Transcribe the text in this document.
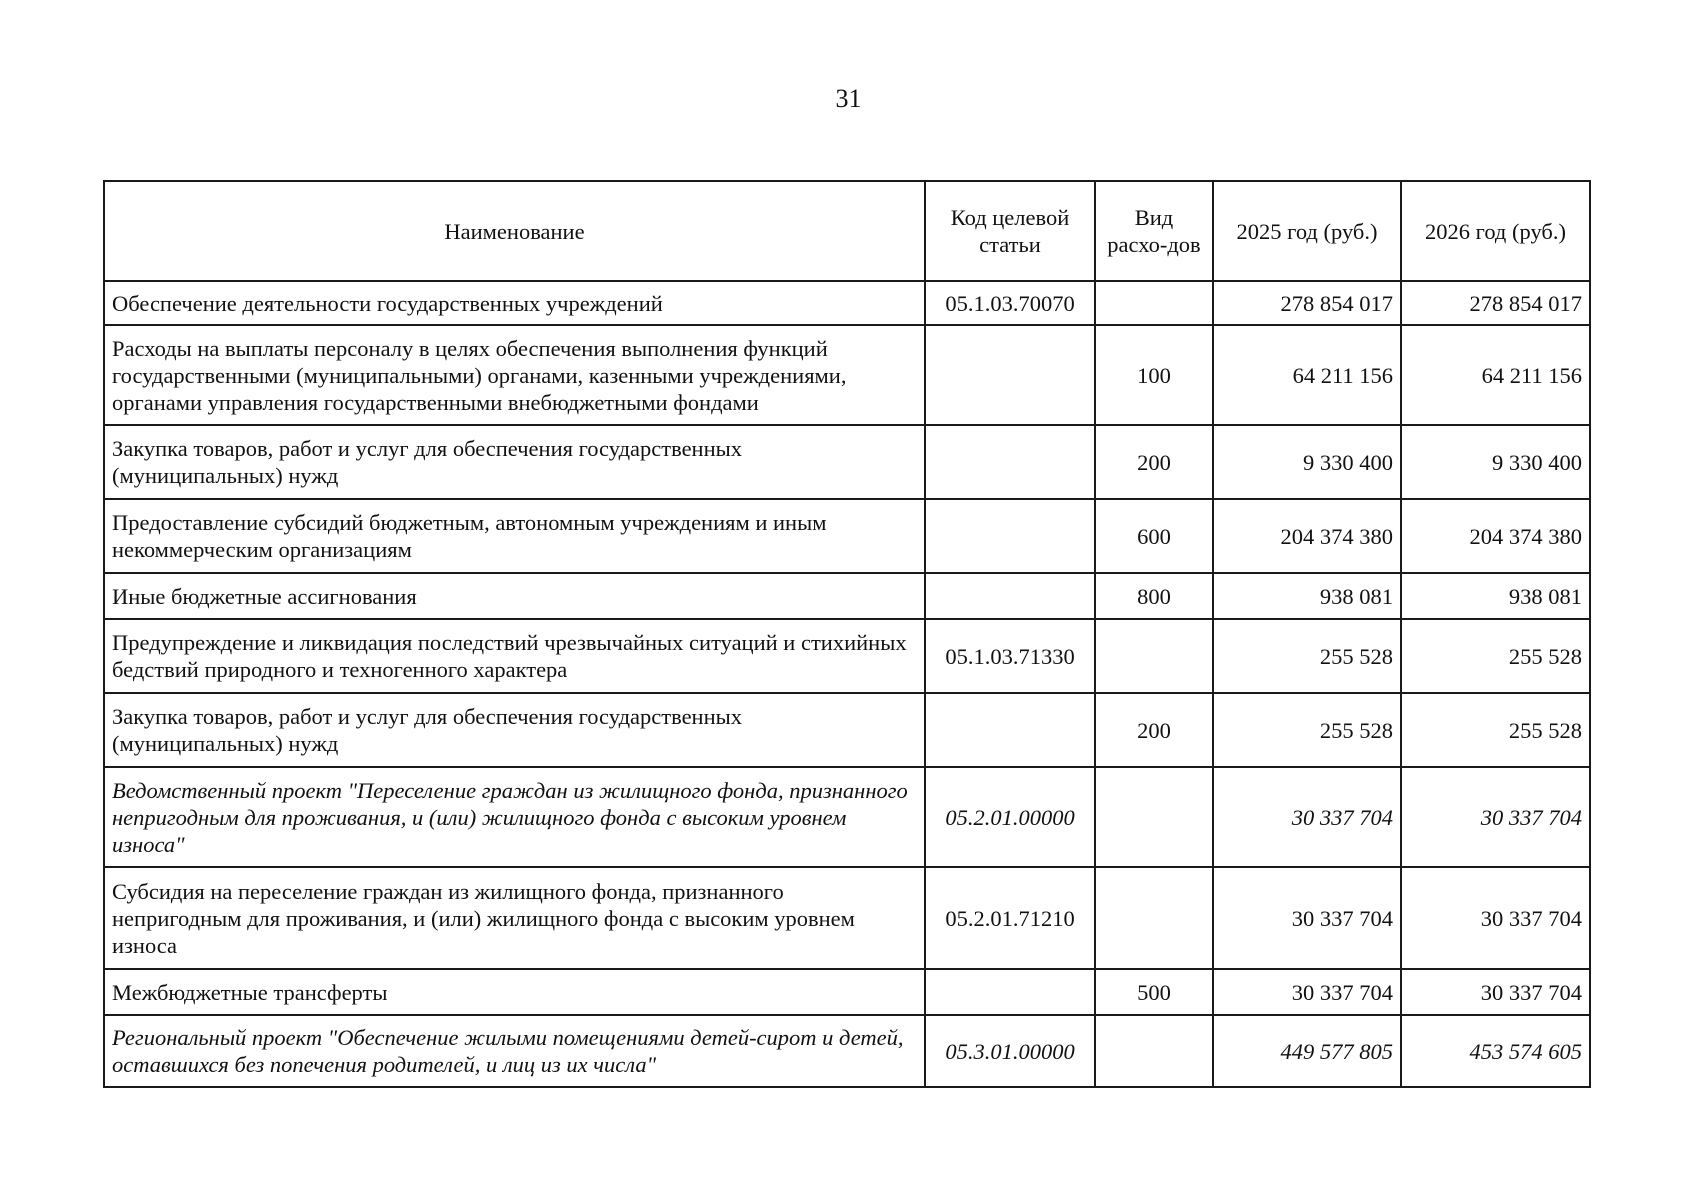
31
Наименование	Код целевой статьи	Вид расхо-дов	2025 год (руб.)	2026 год (руб.)
Обеспечение деятельности государственных учреждений	05.1.03.70070		278 854 017	278 854 017
Расходы на выплаты персоналу в целях обеспечения выполнения функций государственными (муниципальными) органами, казенными учреждениями, органами управления государственными внебюджетными фондами		100	64 211 156	64 211 156
Закупка товаров, работ и услуг для обеспечения государственных (муниципальных) нужд		200	9 330 400	9 330 400
Предоставление субсидий бюджетным, автономным учреждениям и иным некоммерческим организациям		600	204 374 380	204 374 380
Иные бюджетные ассигнования		800	938 081	938 081
Предупреждение и ликвидация последствий чрезвычайных ситуаций и стихийных бедствий природного и техногенного характера	05.1.03.71330		255 528	255 528
Закупка товаров, работ и услуг для обеспечения государственных (муниципальных) нужд		200	255 528	255 528
Ведомственный проект "Переселение граждан из жилищного фонда, признанного непригодным для проживания, и (или) жилищного фонда с высоким уровнем износа"	05.2.01.00000		30 337 704	30 337 704
Субсидия на переселение граждан из жилищного фонда, признанного непригодным для проживания, и (или) жилищного фонда с высоким уровнем износа	05.2.01.71210		30 337 704	30 337 704
Межбюджетные трансферты		500	30 337 704	30 337 704
Региональный проект "Обеспечение жилыми помещениями детей-сирот и детей, оставшихся без попечения родителей, и лиц из их числа"	05.3.01.00000		449 577 805	453 574 605
